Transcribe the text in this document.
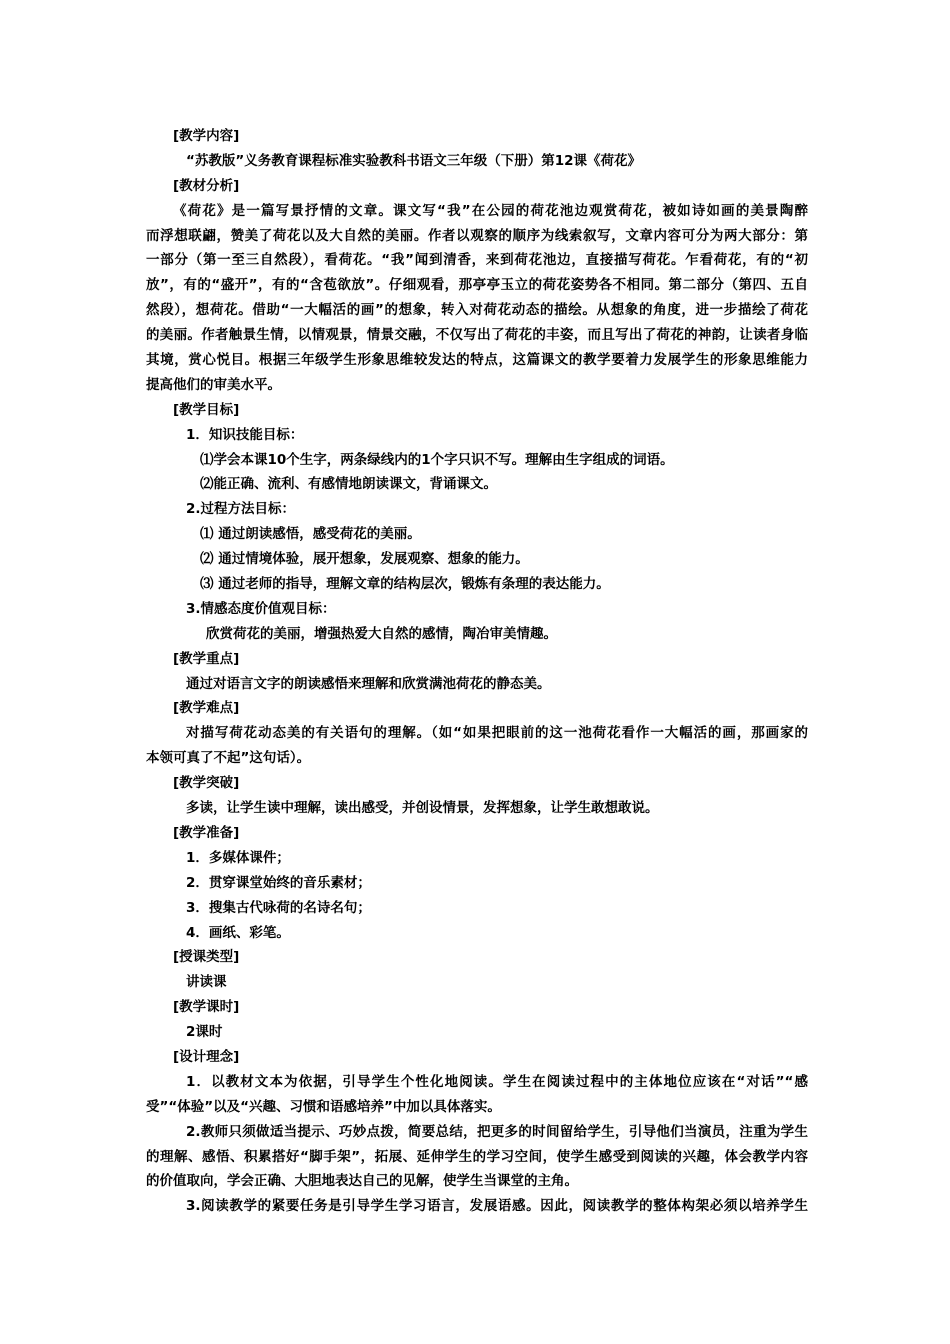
[教学内容]
“苏教版”义务教育课程标准实验教科书语文三年级（下册）第12课《荷花》
[教材分析]
《荷花》是一篇写景抒情的文章。课文写“我”在公园的荷花池边观赏荷花，被如诗如画的美景陶醉
而浮想联翩，赞美了荷花以及大自然的美丽。作者以观察的顺序为线索叙写，文章内容可分为两大部分：第
一部分（第一至三自然段），看荷花。“我”闻到清香，来到荷花池边，直接描写荷花。乍看荷花，有的“初
放”，有的“盛开”，有的“含苞欲放”。仔细观看，那亭亭玉立的荷花姿势各不相同。第二部分（第四、五自
然段），想荷花。借助“一大幅活的画”的想象，转入对荷花动态的描绘。从想象的角度，进一步描绘了荷花
的美丽。作者触景生情，以情观景，情景交融，不仅写出了荷花的丰姿，而且写出了荷花的神韵，让读者身临
其境，赏心悦目。根据三年级学生形象思维较发达的特点，这篇课文的教学要着力发展学生的形象思维能力
提高他们的审美水平。
[教学目标]
1．知识技能目标：
⑴学会本课10个生字，两条绿线内的1个字只识不写。理解由生字组成的词语。
⑵能正确、流利、有感情地朗读课文，背诵课文。
2.过程方法目标：
⑴ 通过朗读感悟，感受荷花的美丽。
⑵ 通过情境体验，展开想象，发展观察、想象的能力。
⑶ 通过老师的指导，理解文章的结构层次，锻炼有条理的表达能力。
3.情感态度价值观目标：
欣赏荷花的美丽，增强热爱大自然的感情，陶冶审美情趣。
[教学重点]
通过对语言文字的朗读感悟来理解和欣赏满池荷花的静态美。
[教学难点]
对描写荷花动态美的有关语句的理解。（如“如果把眼前的这一池荷花看作一大幅活的画，那画家的
本领可真了不起”这句话）。
[教学突破]
多读，让学生读中理解，读出感受，并创设情景，发挥想象，让学生敢想敢说。
[教学准备]
1．多媒体课件；
2．贯穿课堂始终的音乐素材；
3．搜集古代咏荷的名诗名句；
4．画纸、彩笔。
[授课类型]
讲读课
[教学课时]
2课时
[设计理念]
1．以教材文本为依据，引导学生个性化地阅读。学生在阅读过程中的主体地位应该在“对话”“感
受”“体验”以及“兴趣、习惯和语感培养”中加以具体落实。
2.教师只须做适当提示、巧妙点拨，简要总结，把更多的时间留给学生，引导他们当演员，注重为学生
的理解、感悟、积累搭好“脚手架”，拓展、延伸学生的学习空间，使学生感受到阅读的兴趣，体会教学内容
的价值取向，学会正确、大胆地表达自己的见解，使学生当课堂的主角。
3.阅读教学的紧要任务是引导学生学习语言，发展语感。因此，阅读教学的整体构架必须以培养学生
